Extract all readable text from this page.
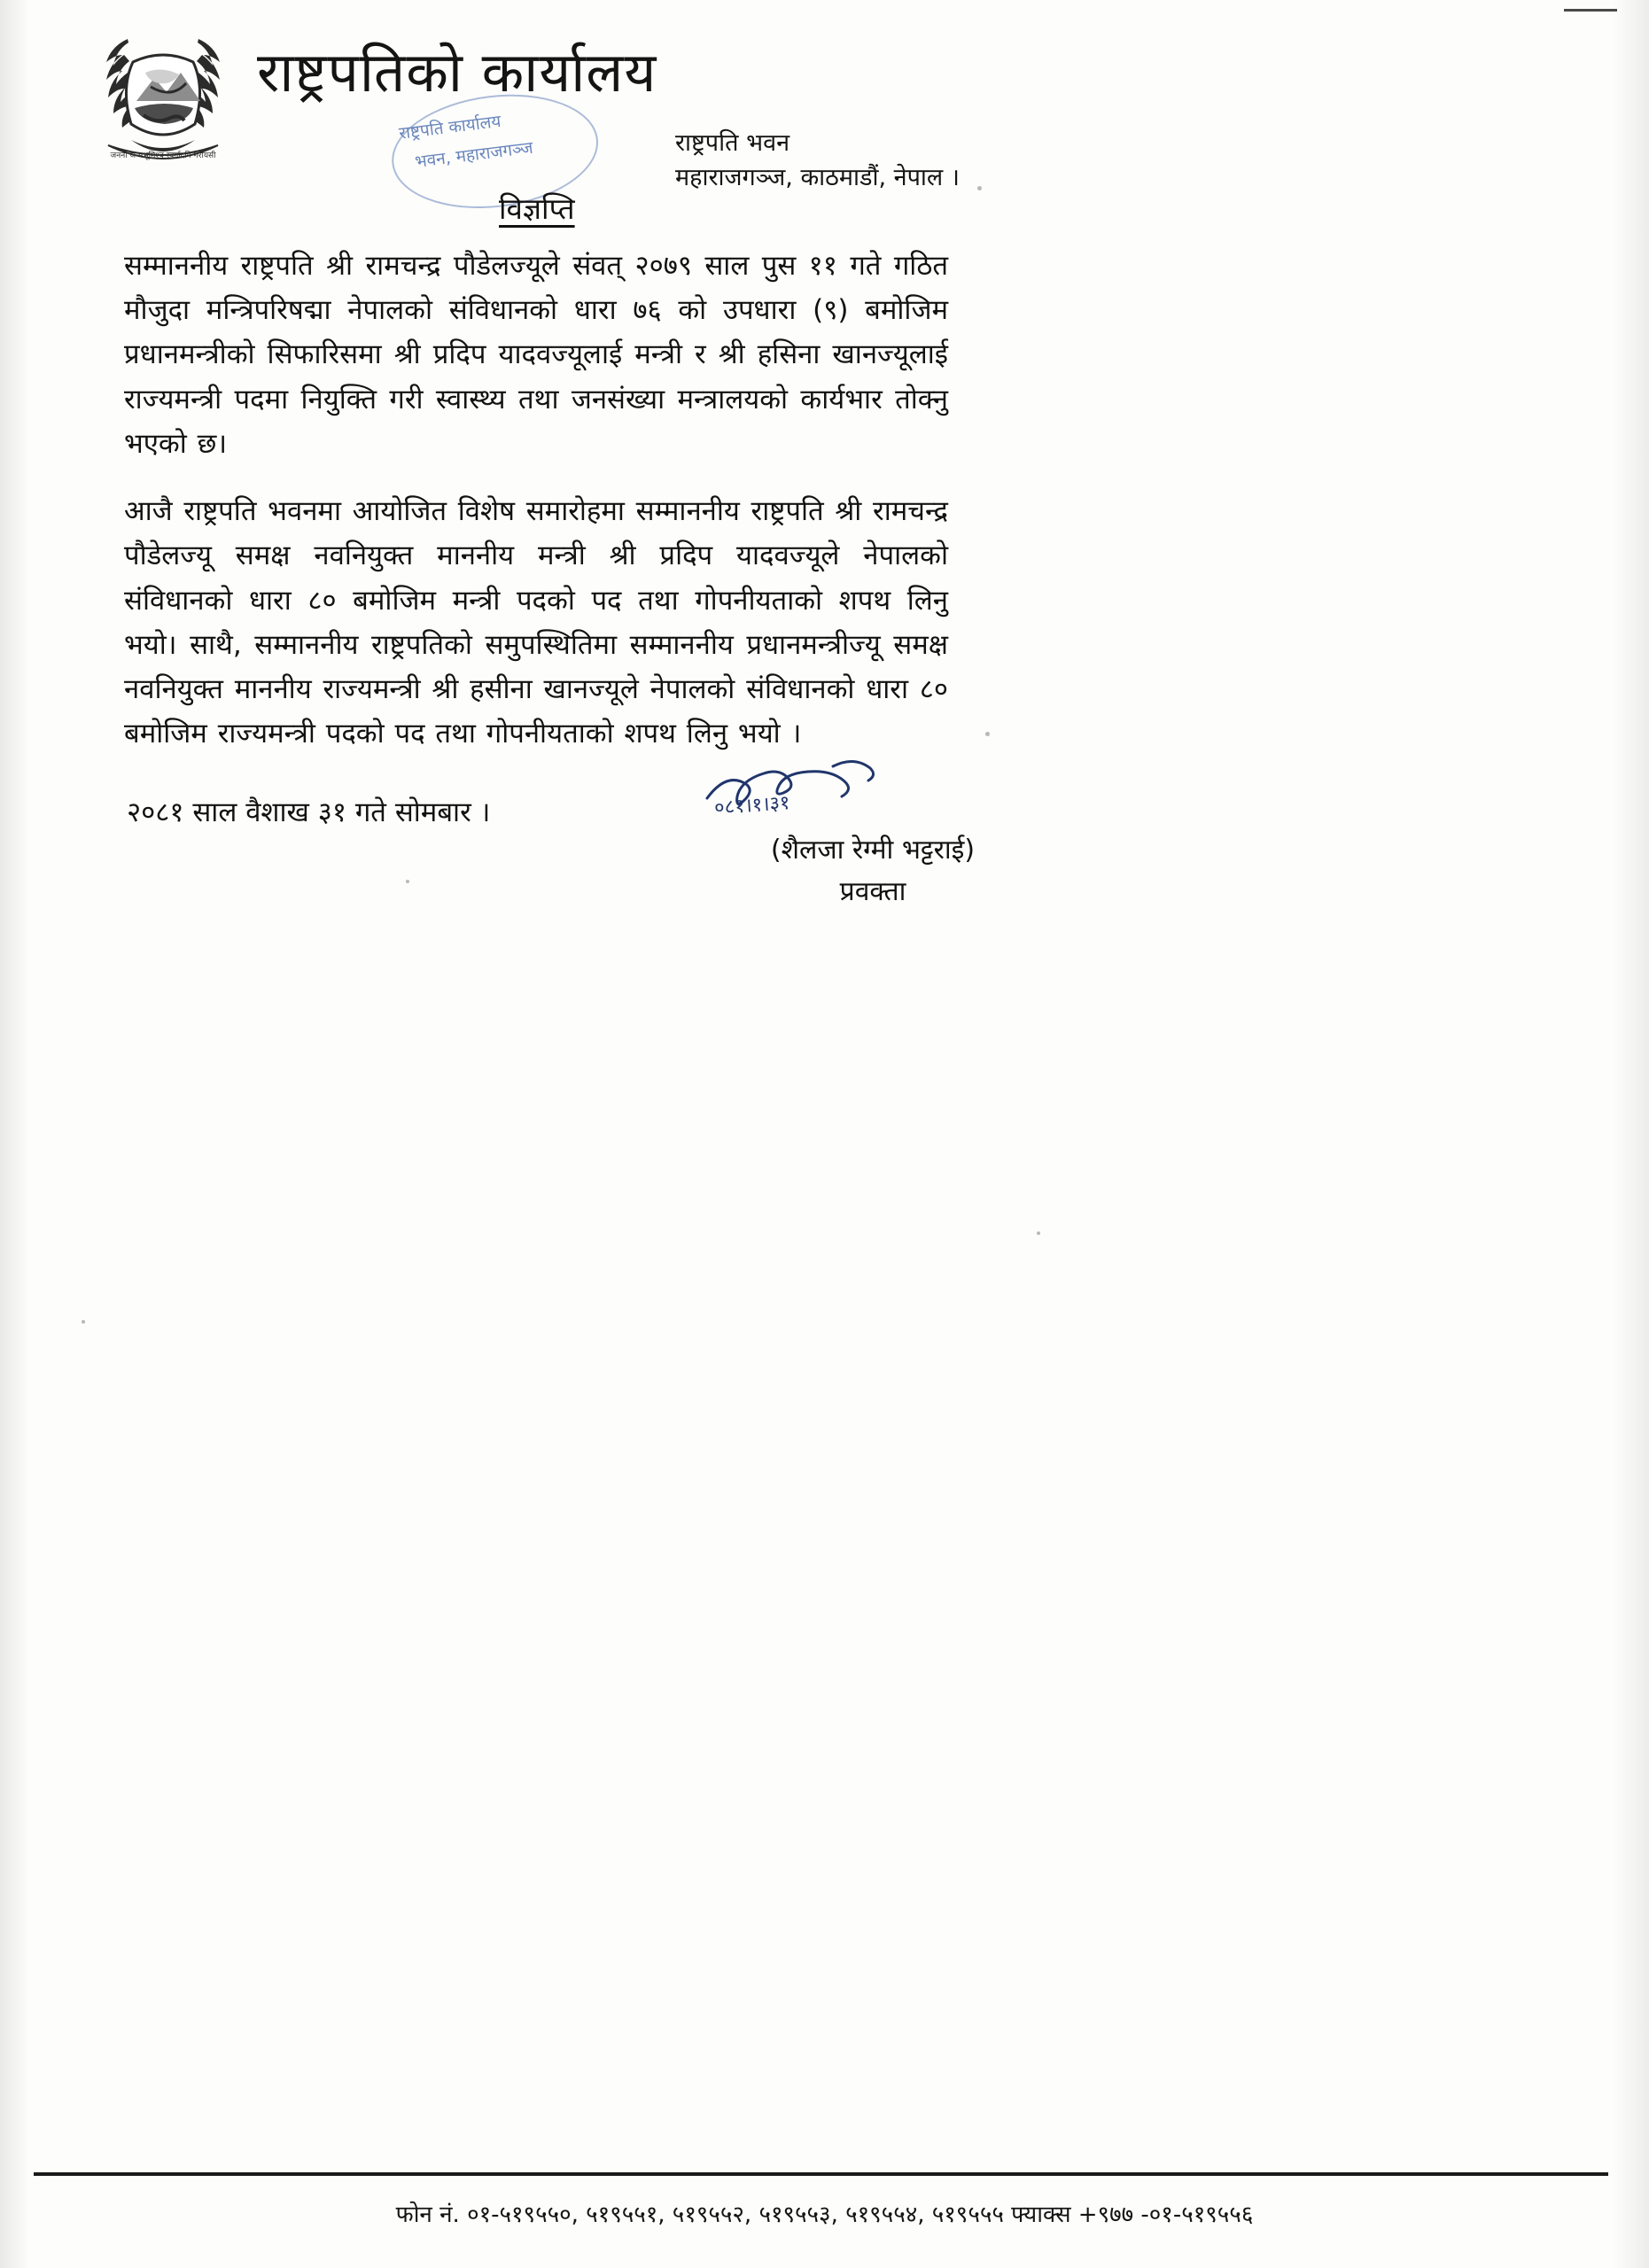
जननी जन्मभूमिश्च स्वर्गादपि गरीयसी
राष्ट्रपतिको कार्यालय
राष्ट्रपति कार्यालय
भवन, महाराजगञ्ज	राष्ट्रपति भवन
महाराजगञ्ज, काठमाडौं, नेपाल ।
विज्ञप्ति

सम्माननीय राष्ट्रपति श्री रामचन्द्र पौडेलज्यूले संवत् २०७९ साल पुस ११ गते गठित मौजुदा मन्त्रिपरिषद्मा नेपालको संविधानको धारा ७६ को उपधारा (९) बमोजिम प्रधानमन्त्रीको सिफारिसमा श्री प्रदिप यादवज्यूलाई मन्त्री र श्री हसिना खानज्यूलाई राज्यमन्त्री पदमा नियुक्ति गरी स्वास्थ्य तथा जनसंख्या मन्त्रालयको कार्यभार तोक्नु भएको छ।

आजै राष्ट्रपति भवनमा आयोजित विशेष समारोहमा सम्माननीय राष्ट्रपति श्री रामचन्द्र पौडेलज्यू समक्ष नवनियुक्त माननीय मन्त्री श्री प्रदिप यादवज्यूले नेपालको संविधानको धारा ८० बमोजिम मन्त्री पदको पद तथा गोपनीयताको शपथ लिनु भयो। साथै, सम्माननीय राष्ट्रपतिको समुपस्थितिमा सम्माननीय प्रधानमन्त्रीज्यू समक्ष नवनियुक्त माननीय राज्यमन्त्री श्री हसीना खानज्यूले नेपालको संविधानको धारा ८० बमोजिम राज्यमन्त्री पदको पद तथा गोपनीयताको शपथ लिनु भयो ।

२०८१ साल वैशाख ३१ गते सोमबार ।	०८१।१।३१
(शैलजा रेग्मी भट्टराई)
प्रवक्ता
फोन नं. ०१-५१९५५०, ५१९५५१, ५१९५५२, ५१९५५३, ५१९५५४, ५१९५५५ फ्याक्स +९७७ -०१-५१९५५६
